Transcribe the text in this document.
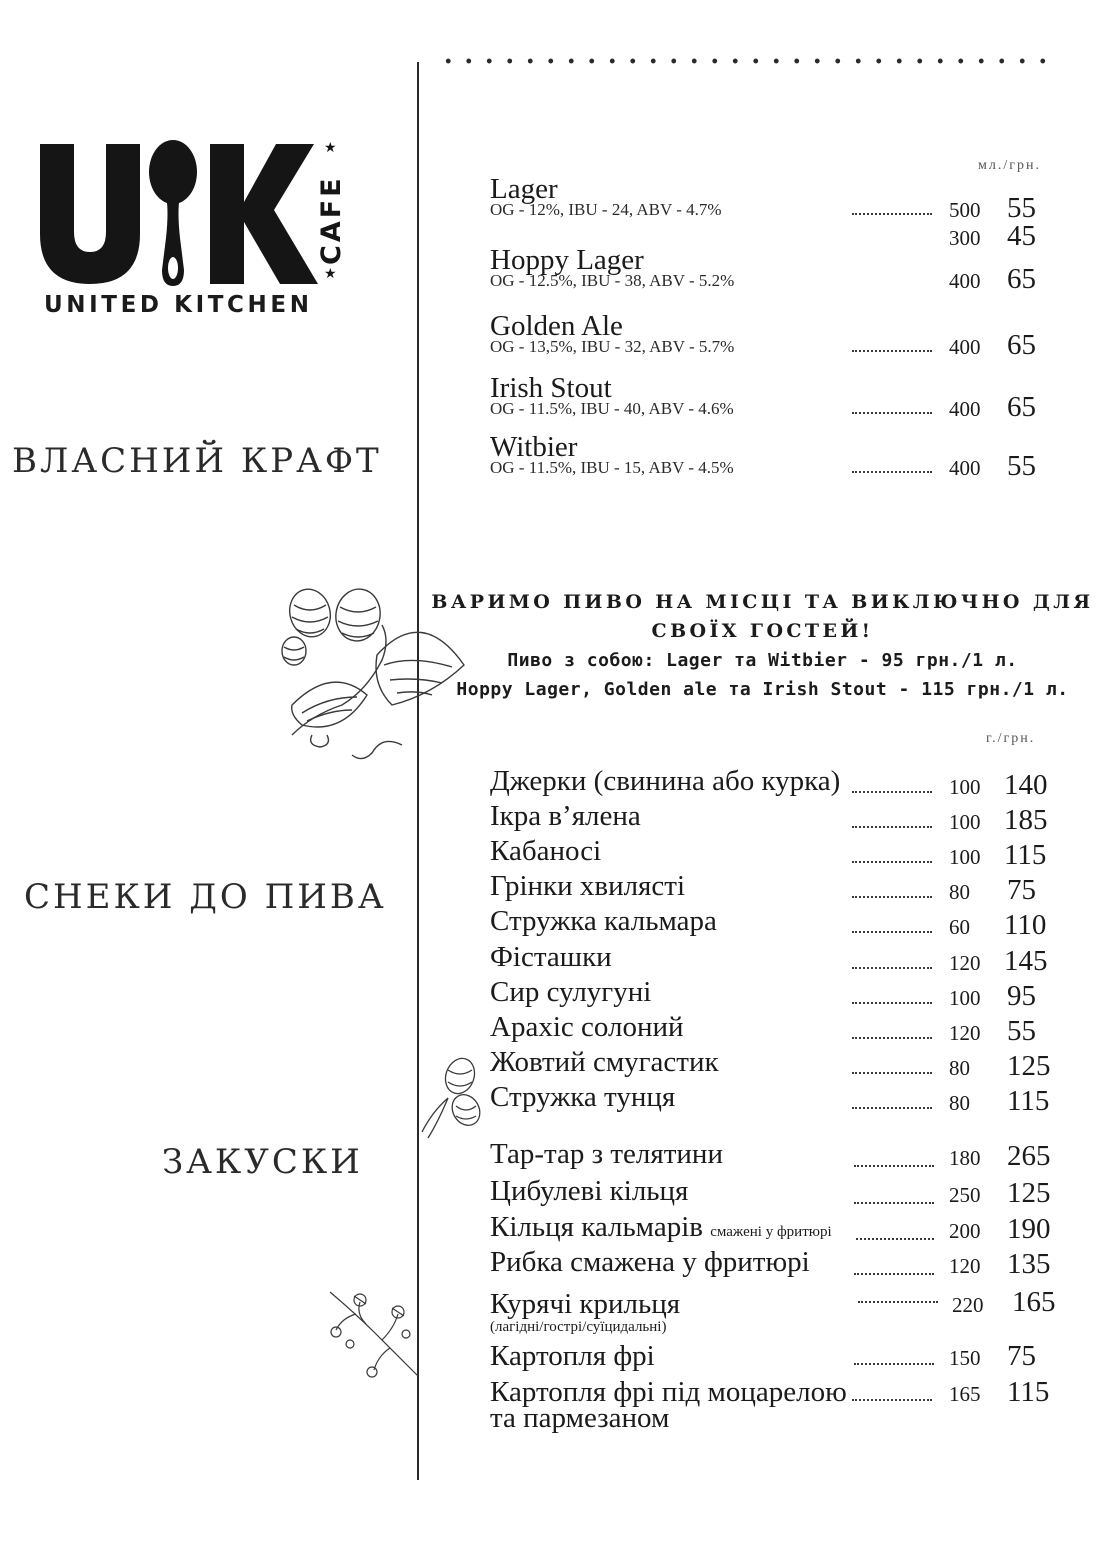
CAFE
★
★
UNITED KITCHEN
ВЛАСНИЙ КРАФТ
СНЕКИ ДО ПИВА
ЗАКУСКИ
мл./грн.
Lager
OG - 12%, IBU - 24, ABV - 4.7%	500 55
300 45
Hoppy Lager
OG - 12.5%, IBU - 38, ABV - 5.2%	400 65
Golden Ale
OG - 13,5%, IBU - 32, ABV - 5.7%	400 65
Irish Stout
OG - 11.5%, IBU - 40, ABV - 4.6%	400 65
Witbier
OG - 11.5%, IBU - 15, ABV - 4.5%	400 55
ВАРИМО ПИВО НА МІСЦІ ТА ВИКЛЮЧНО ДЛЯ
СВОЇХ ГОСТЕЙ!
Пиво з собою: Lager та Witbier - 95 грн./1 л.
Hoppy Lager, Golden ale та Irish Stout - 115 грн./1 л.
г./грн.
Джерки (свинина або курка)	100 140
Ікра в’ялена	100 185
Кабаносі	100 115
Грінки хвилясті	80	75
Стружка кальмара	60	110
Фісташки	120 145
Сир сулугуні	100 95
Арахіс солоний	120 55
Жовтий смугастик	80	125
Стружка тунця	80	115
Тар-тар з телятини	180 265
Цибулеві кільця	250 125
Кільця кальмарів смажені у фритюрі	200 190
Рибка смажена у фритюрі	120 135
Курячі крильця
(лагідні/гострі/суїцидальні)
220 165
Картопля фрі	150 75
Картопля фрі під моцарелою
та пармезаном
165 115
